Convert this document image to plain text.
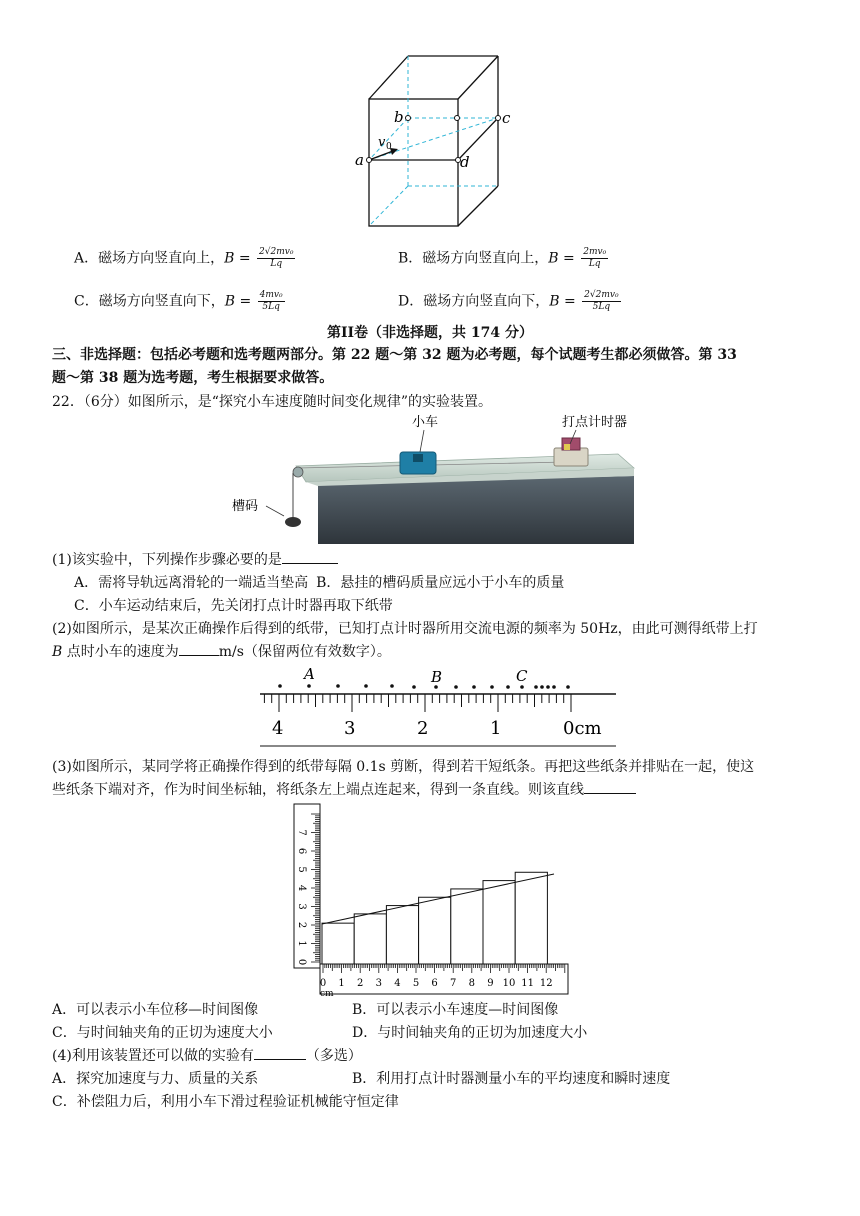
a
b	c
d
v 0
A．磁场方向竖直向上，$B = \frac{\text{2√2mv₀}}{Lq}$	B．磁场方向竖直向上，$B = \frac{\text{2mv₀}}{Lq}$
C．磁场方向竖直向下，$B = \frac{\text{4mv₀}}{5Lq}$	D．磁场方向竖直向下，$B = \frac{\text{2√2mv₀}}{5Lq}$
第II卷（非选择题，共 174 分）
三、非选择题：包括必考题和选考题两部分。第 22 题～第 32 题为必考题，每个试题考生都必须做答。第 33
题～第 38 题为选考题，考生根据要求做答。
22．（6分）如图所示，是“探究小车速度随时间变化规律”的实验装置。
小车	打点计时器
槽码
(1)该实验中，下列操作步骤必要的是
A．需将导轨远离滑轮的一端适当垫高 B．悬挂的槽码质量应远小于小车的质量
C．小车运动结束后，先关闭打点计时器再取下纸带
(2)如图所示，是某次正确操作后得到的纸带，已知打点计时器所用交流电源的频率为 50Hz，由此可测得纸带上打
B 点时小车的速度为	m/s（保留两位有效数字）。
A	B	C
4	3	2	1	0cm
(3)如图所示，某同学将正确操作得到的纸带每隔 0.1s 剪断，得到若干短纸条。再把这些纸条并排贴在一起，使这
些纸条下端对齐，作为时间坐标轴，将纸条左上端点连起来，得到一条直线。则该直线
0
1
2
3
4
5
6
7
0 1 2 3 4 5 6 7 8 9 10 11 12
cm
A．可以表示小车位移—时间图像	B．可以表示小车速度—时间图像
C．与时间轴夹角的正切为速度大小	D．与时间轴夹角的正切为加速度大小
(4)利用该装置还可以做的实验有	（多选）
A．探究加速度与力、质量的关系	B．利用打点计时器测量小车的平均速度和瞬时速度
C．补偿阻力后，利用小车下滑过程验证机械能守恒定律
